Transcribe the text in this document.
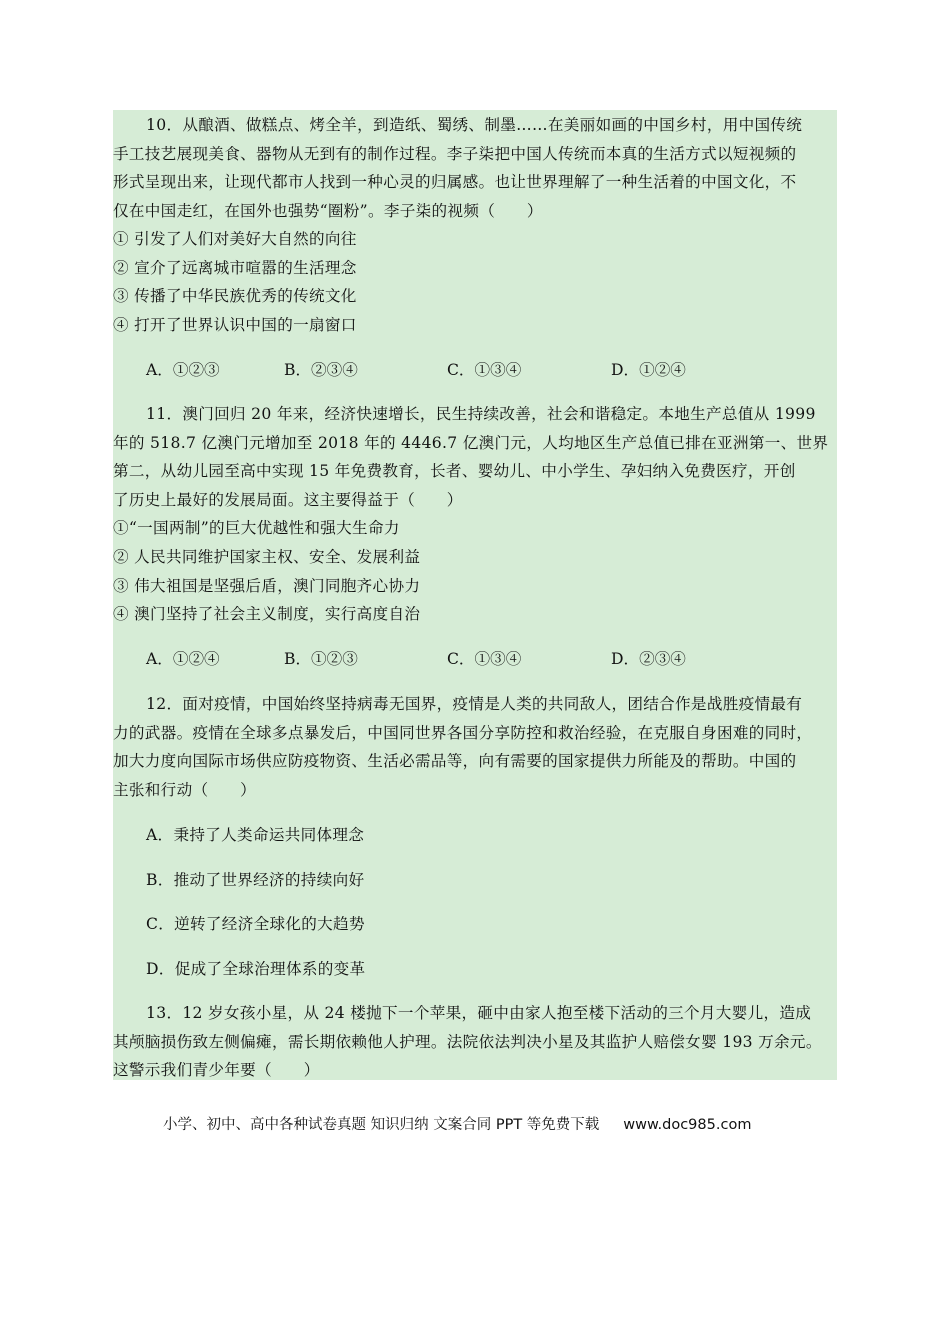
10．从酿酒、做糕点、烤全羊，到造纸、蜀绣、制墨……在美丽如画的中国乡村，用中国传统
手工技艺展现美食、器物从无到有的制作过程。李子柒把中国人传统而本真的生活方式以短视频的
形式呈现出来，让现代都市人找到一种心灵的归属感。也让世界理解了一种生活着的中国文化，不
仅在中国走红，在国外也强势“圈粉”。李子柒的视频（　　）
① 引发了人们对美好大自然的向往
② 宣介了远离城市喧嚣的生活理念
③ 传播了中华民族优秀的传统文化
④ 打开了世界认识中国的一扇窗口
A．①②③	B．②③④	C．①③④	D．①②④
11．澳门回归 20 年来，经济快速增长，民生持续改善，社会和谐稳定。本地生产总值从 1999
年的 518.7 亿澳门元增加至 2018 年的 4446.7 亿澳门元，人均地区生产总值已排在亚洲第一、世界
第二，从幼儿园至高中实现 15 年免费教育，长者、婴幼儿、中小学生、孕妇纳入免费医疗，开创
了历史上最好的发展局面。这主要得益于（　　）
①“一国两制”的巨大优越性和强大生命力
② 人民共同维护国家主权、安全、发展利益
③ 伟大祖国是坚强后盾，澳门同胞齐心协力
④ 澳门坚持了社会主义制度，实行高度自治
A．①②④	B．①②③	C．①③④	D．②③④
12．面对疫情，中国始终坚持病毒无国界，疫情是人类的共同敌人，团结合作是战胜疫情最有
力的武器。疫情在全球多点暴发后，中国同世界各国分享防控和救治经验，在克服自身困难的同时，
加大力度向国际市场供应防疫物资、生活必需品等，向有需要的国家提供力所能及的帮助。中国的
主张和行动（　　）
A．秉持了人类命运共同体理念
B．推动了世界经济的持续向好
C．逆转了经济全球化的大趋势
D．促成了全球治理体系的变革
13．12 岁女孩小星，从 24 楼抛下一个苹果，砸中由家人抱至楼下活动的三个月大婴儿，造成
其颅脑损伤致左侧偏瘫，需长期依赖他人护理。法院依法判决小星及其监护人赔偿女婴 193 万余元。
这警示我们青少年要（　　）
小学、初中、高中各种试卷真题 知识归纳 文案合同 PPT 等免费下载 www.doc985.com
